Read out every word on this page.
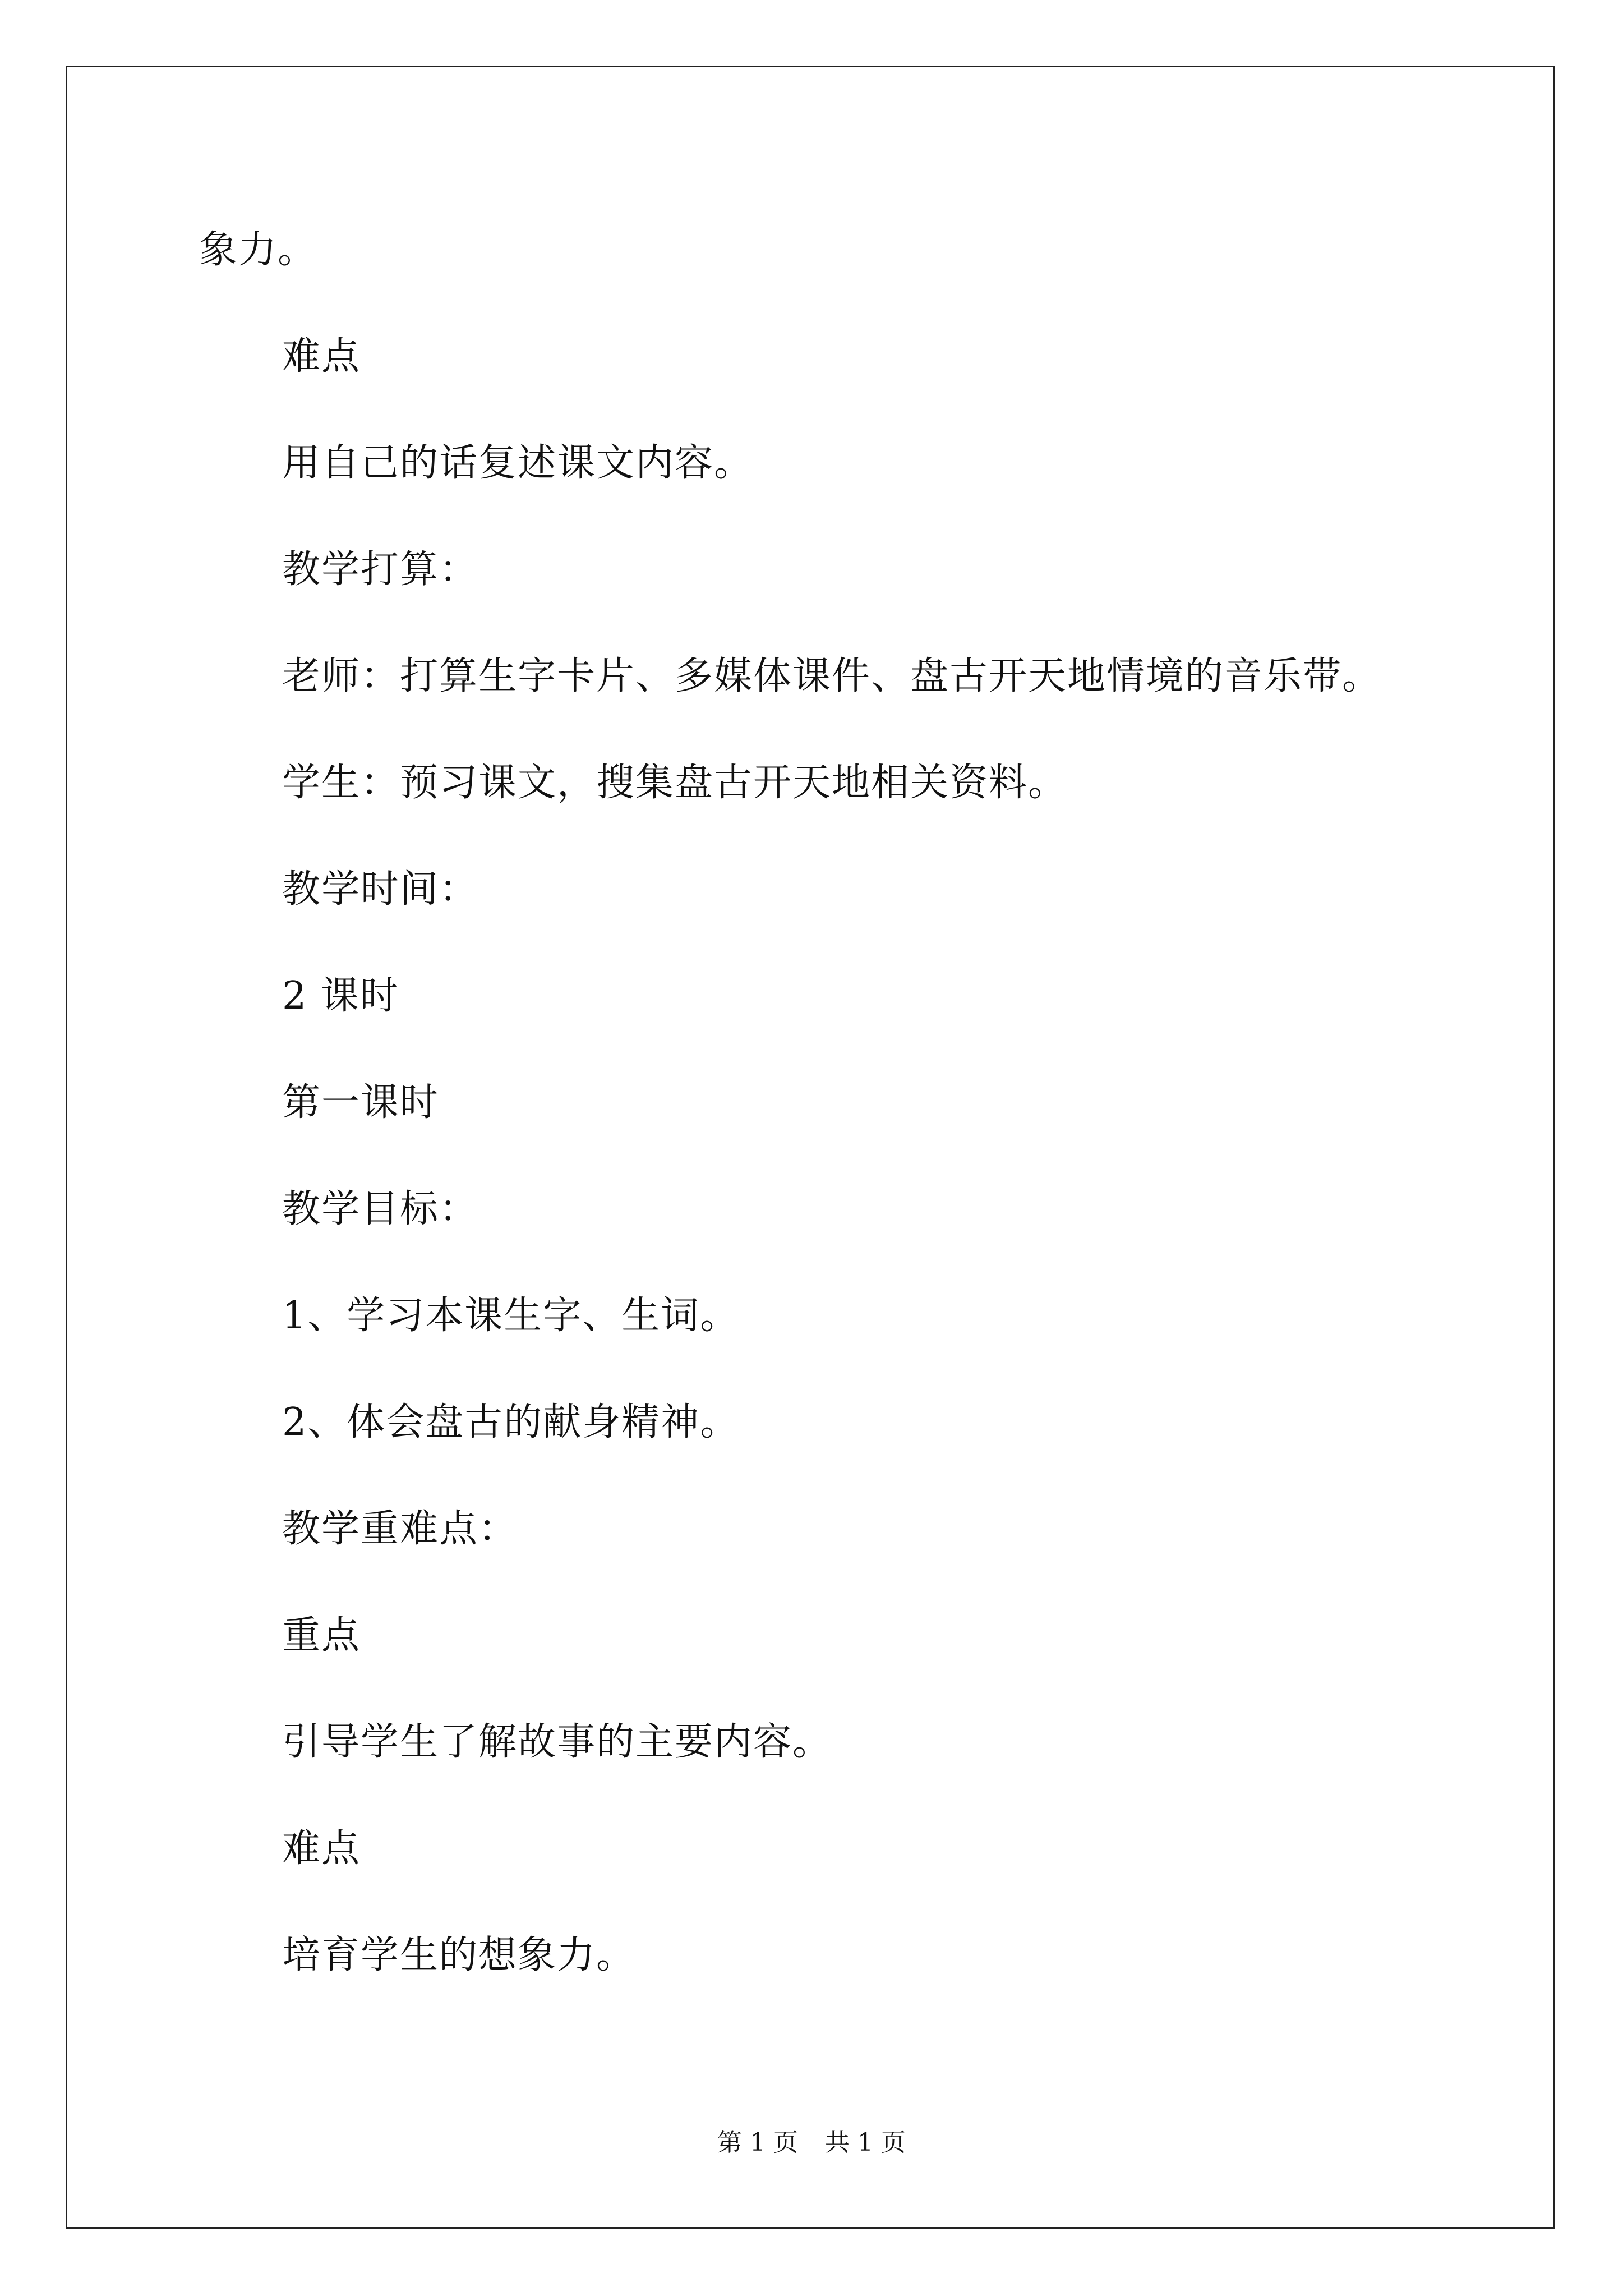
象力。
难点
用自己的话复述课文内容。
教学打算：
老师：打算生字卡片、多媒体课件、盘古开天地情境的音乐带。
学生：预习课文，搜集盘古开天地相关资料。
教学时间：
2 课时
第一课时
教学目标：
1、学习本课生字、生词。
2、体会盘古的献身精神。
教学重难点：
重点
引导学生了解故事的主要内容。
难点
培育学生的想象力。
第 1 页 共 1 页
